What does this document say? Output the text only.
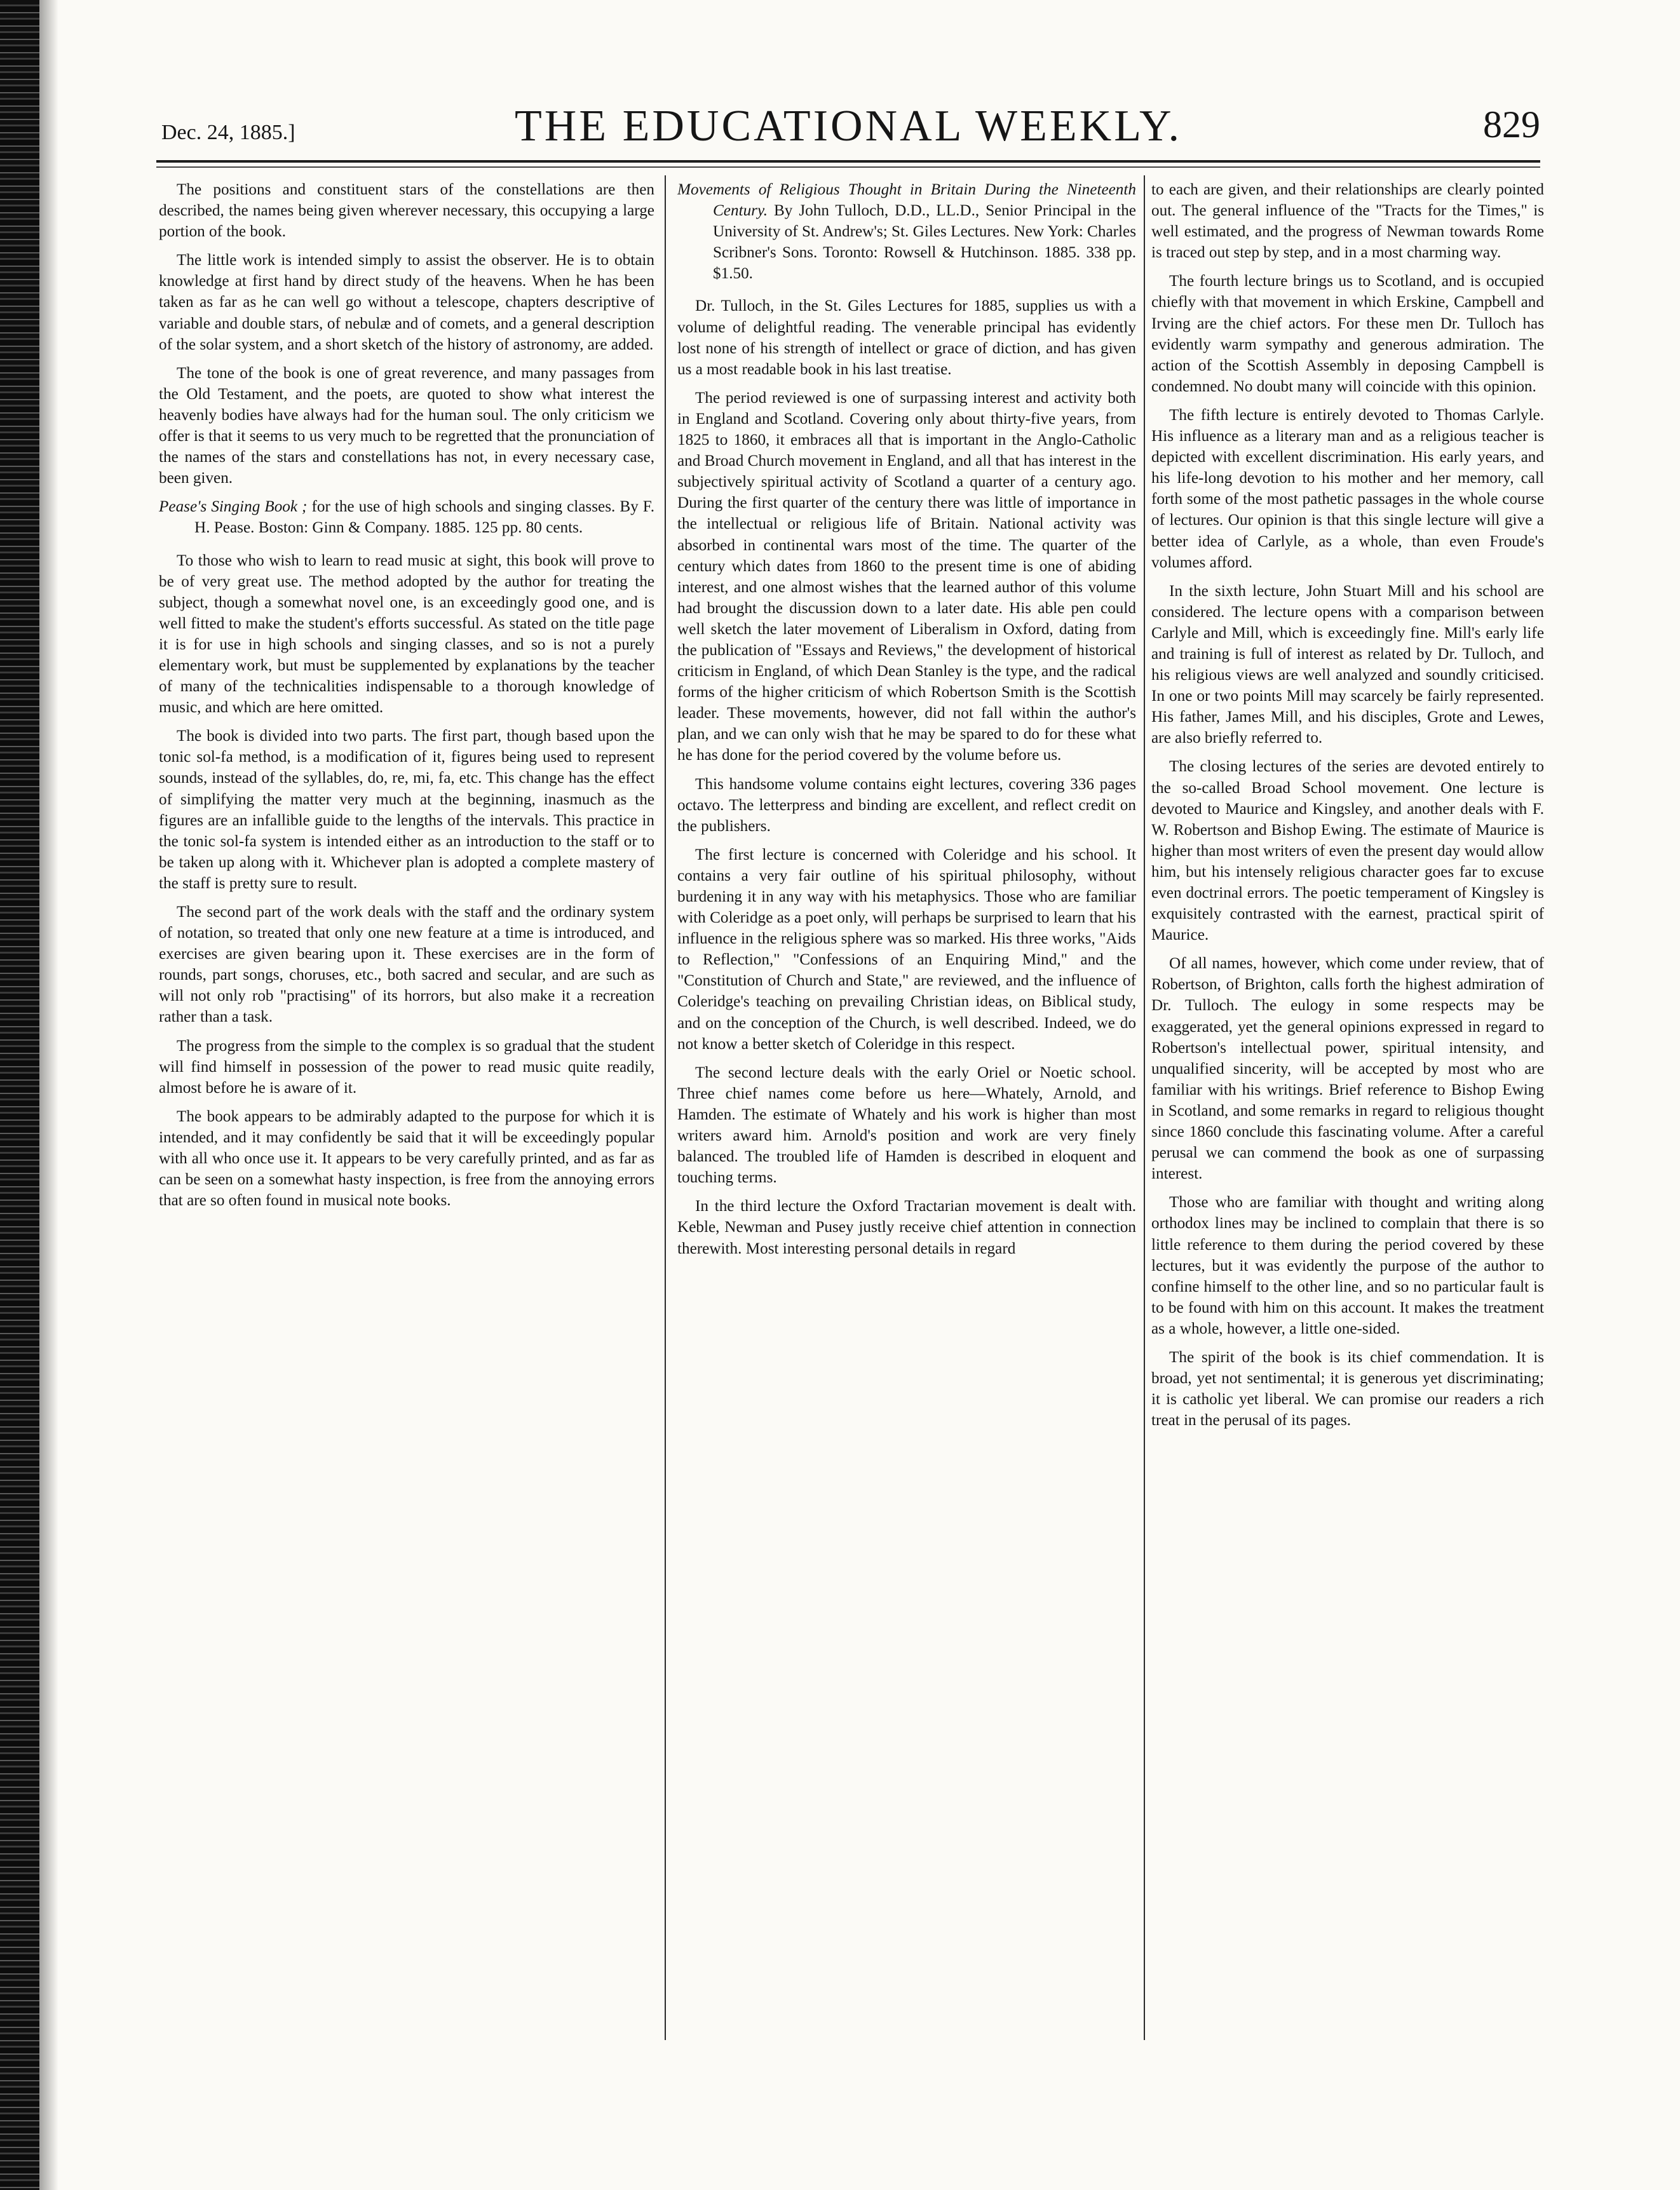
Dec. 24, 1885.]	THE EDUCATIONAL WEEKLY.	829

The positions and constituent stars of the constellations are then described, the names being given wherever necessary, this occupying a large portion of the book.

The little work is intended simply to assist the observer. He is to obtain knowledge at first hand by direct study of the heavens. When he has been taken as far as he can well go without a telescope, chapters descriptive of variable and double stars, of nebulæ and of comets, and a general description of the solar system, and a short sketch of the history of astronomy, are added.

The tone of the book is one of great reverence, and many passages from the Old Testament, and the poets, are quoted to show what interest the heavenly bodies have always had for the human soul. The only criticism we offer is that it seems to us very much to be regretted that the pronunciation of the names of the stars and constellations has not, in every necessary case, been given.

Pease's Singing Book ; for the use of high schools and singing classes. By F. H. Pease. Boston: Ginn & Company. 1885. 125 pp. 80 cents.

To those who wish to learn to read music at sight, this book will prove to be of very great use. The method adopted by the author for treating the subject, though a somewhat novel one, is an exceedingly good one, and is well fitted to make the student's efforts successful. As stated on the title page it is for use in high schools and singing classes, and so is not a purely elementary work, but must be supplemented by explanations by the teacher of many of the technicalities indispensable to a thorough knowledge of music, and which are here omitted.

The book is divided into two parts. The first part, though based upon the tonic sol-fa method, is a modification of it, figures being used to represent sounds, instead of the syllables, do, re, mi, fa, etc. This change has the effect of simplifying the matter very much at the beginning, inasmuch as the figures are an infallible guide to the lengths of the intervals. This practice in the tonic sol-fa system is intended either as an introduction to the staff or to be taken up along with it. Whichever plan is adopted a complete mastery of the staff is pretty sure to result.

The second part of the work deals with the staff and the ordinary system of notation, so treated that only one new feature at a time is introduced, and exercises are given bearing upon it. These exercises are in the form of rounds, part songs, choruses, etc., both sacred and secular, and are such as will not only rob "practising" of its horrors, but also make it a recreation rather than a task.

The progress from the simple to the complex is so gradual that the student will find himself in possession of the power to read music quite readily, almost before he is aware of it.

The book appears to be admirably adapted to the purpose for which it is intended, and it may confidently be said that it will be exceedingly popular with all who once use it. It appears to be very carefully printed, and as far as can be seen on a somewhat hasty inspection, is free from the annoying errors that are so often found in musical note books.

Movements of Religious Thought in Britain During the Nineteenth Century. By John Tulloch, D.D., LL.D., Senior Principal in the University of St. Andrew's; St. Giles Lectures. New York: Charles Scribner's Sons. Toronto: Rowsell & Hutchinson. 1885. 338 pp. $1.50.

Dr. Tulloch, in the St. Giles Lectures for 1885, supplies us with a volume of delightful reading. The venerable principal has evidently lost none of his strength of intellect or grace of diction, and has given us a most readable book in his last treatise.

The period reviewed is one of surpassing interest and activity both in England and Scotland. Covering only about thirty-five years, from 1825 to 1860, it embraces all that is important in the Anglo-Catholic and Broad Church movement in England, and all that has interest in the subjectively spiritual activity of Scotland a quarter of a century ago. During the first quarter of the century there was little of importance in the intellectual or religious life of Britain. National activity was absorbed in continental wars most of the time. The quarter of the century which dates from 1860 to the present time is one of abiding interest, and one almost wishes that the learned author of this volume had brought the discussion down to a later date. His able pen could well sketch the later movement of Liberalism in Oxford, dating from the publication of "Essays and Reviews," the development of historical criticism in England, of which Dean Stanley is the type, and the radical forms of the higher criticism of which Robertson Smith is the Scottish leader. These movements, however, did not fall within the author's plan, and we can only wish that he may be spared to do for these what he has done for the period covered by the volume before us.

This handsome volume contains eight lectures, covering 336 pages octavo. The letterpress and binding are excellent, and reflect credit on the publishers.

The first lecture is concerned with Coleridge and his school. It contains a very fair outline of his spiritual philosophy, without burdening it in any way with his metaphysics. Those who are familiar with Coleridge as a poet only, will perhaps be surprised to learn that his influence in the religious sphere was so marked. His three works, "Aids to Reflection," "Confessions of an Enquiring Mind," and the "Constitution of Church and State," are reviewed, and the influence of Coleridge's teaching on prevailing Christian ideas, on Biblical study, and on the conception of the Church, is well described. Indeed, we do not know a better sketch of Coleridge in this respect.

The second lecture deals with the early Oriel or Noetic school. Three chief names come before us here—Whately, Arnold, and Hamden. The estimate of Whately and his work is higher than most writers award him. Arnold's position and work are very finely balanced. The troubled life of Hamden is described in eloquent and touching terms.

In the third lecture the Oxford Tractarian movement is dealt with. Keble, Newman and Pusey justly receive chief attention in connection therewith. Most interesting personal details in regard

to each are given, and their relationships are clearly pointed out. The general influence of the "Tracts for the Times," is well estimated, and the progress of Newman towards Rome is traced out step by step, and in a most charming way.

The fourth lecture brings us to Scotland, and is occupied chiefly with that movement in which Erskine, Campbell and Irving are the chief actors. For these men Dr. Tulloch has evidently warm sympathy and generous admiration. The action of the Scottish Assembly in deposing Campbell is condemned. No doubt many will coincide with this opinion.

The fifth lecture is entirely devoted to Thomas Carlyle. His influence as a literary man and as a religious teacher is depicted with excellent discrimination. His early years, and his life-long devotion to his mother and her memory, call forth some of the most pathetic passages in the whole course of lectures. Our opinion is that this single lecture will give a better idea of Carlyle, as a whole, than even Froude's volumes afford.

In the sixth lecture, John Stuart Mill and his school are considered. The lecture opens with a comparison between Carlyle and Mill, which is exceedingly fine. Mill's early life and training is full of interest as related by Dr. Tulloch, and his religious views are well analyzed and soundly criticised. In one or two points Mill may scarcely be fairly represented. His father, James Mill, and his disciples, Grote and Lewes, are also briefly referred to.

The closing lectures of the series are devoted entirely to the so-called Broad School movement. One lecture is devoted to Maurice and Kingsley, and another deals with F. W. Robertson and Bishop Ewing. The estimate of Maurice is higher than most writers of even the present day would allow him, but his intensely religious character goes far to excuse even doctrinal errors. The poetic temperament of Kingsley is exquisitely contrasted with the earnest, practical spirit of Maurice.

Of all names, however, which come under review, that of Robertson, of Brighton, calls forth the highest admiration of Dr. Tulloch. The eulogy in some respects may be exaggerated, yet the general opinions expressed in regard to Robertson's intellectual power, spiritual intensity, and unqualified sincerity, will be accepted by most who are familiar with his writings. Brief reference to Bishop Ewing in Scotland, and some remarks in regard to religious thought since 1860 conclude this fascinating volume. After a careful perusal we can commend the book as one of surpassing interest.

Those who are familiar with thought and writing along orthodox lines may be inclined to complain that there is so little reference to them during the period covered by these lectures, but it was evidently the purpose of the author to confine himself to the other line, and so no particular fault is to be found with him on this account. It makes the treatment as a whole, however, a little one-sided.

The spirit of the book is its chief commendation. It is broad, yet not sentimental; it is generous yet discriminating; it is catholic yet liberal. We can promise our readers a rich treat in the perusal of its pages.
